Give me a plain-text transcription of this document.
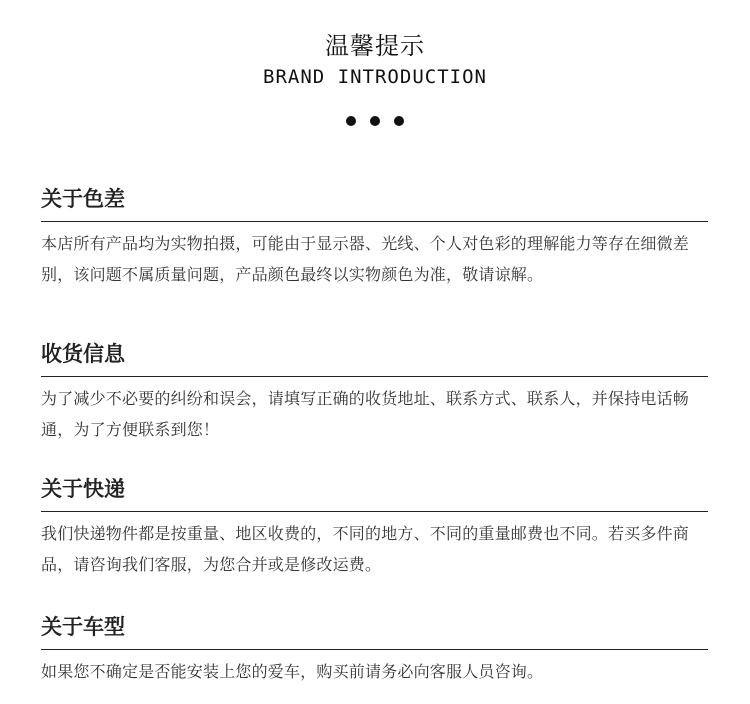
温馨提示
BRAND INTRODUCTION
关于色差
本店所有产品均为实物拍摄，可能由于显示器、光线、个人对色彩的理解能力等存在细微差别，该问题不属质量问题，产品颜色最终以实物颜色为准，敬请谅解。
收货信息
为了减少不必要的纠纷和误会，请填写正确的收货地址、联系方式、联系人，并保持电话畅通，为了方便联系到您！
关于快递
我们快递物件都是按重量、地区收费的，不同的地方、不同的重量邮费也不同。若买多件商品，请咨询我们客服，为您合并或是修改运费。
关于车型
如果您不确定是否能安装上您的爱车，购买前请务必向客服人员咨询。
